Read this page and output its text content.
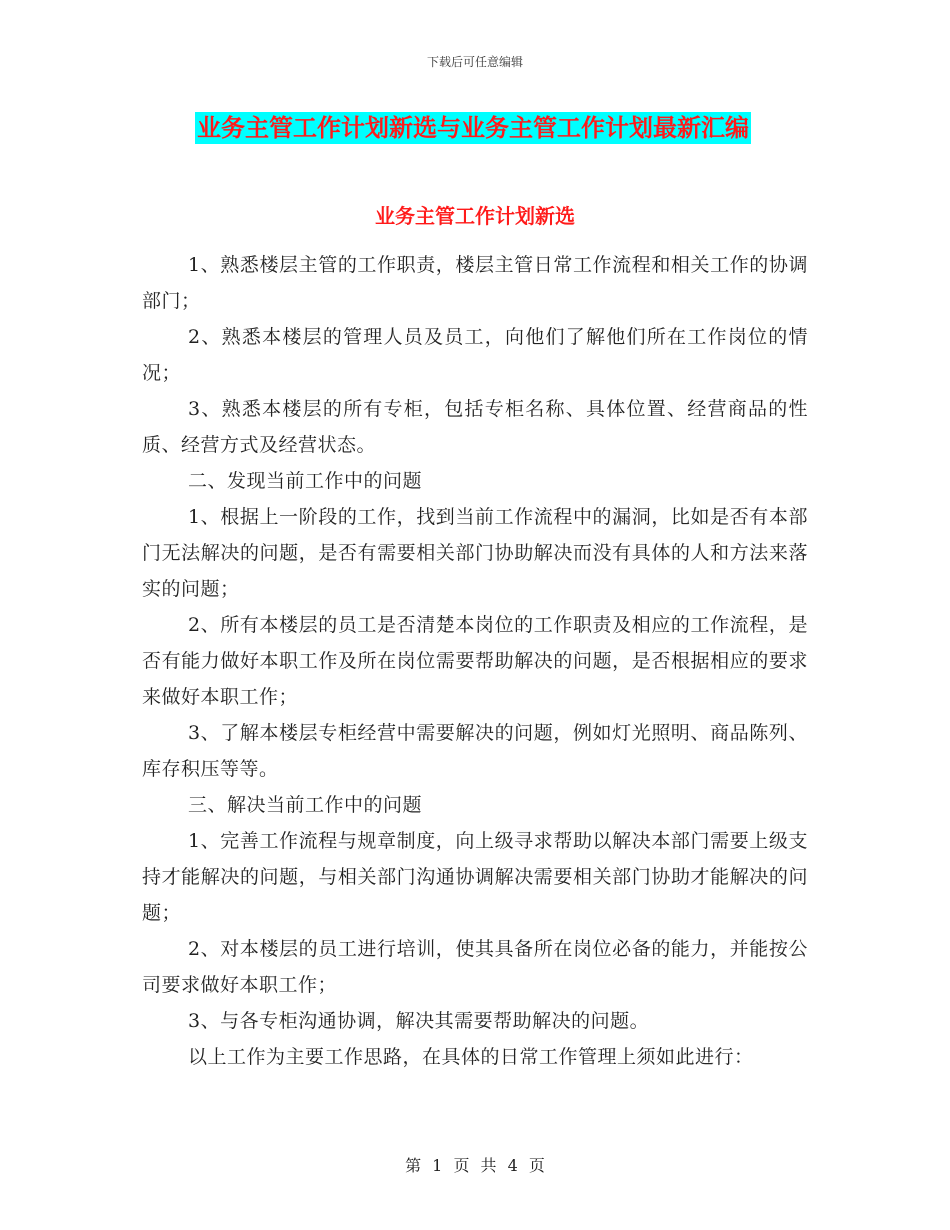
下载后可任意编辑
业务主管工作计划新选与业务主管工作计划最新汇编
业务主管工作计划新选

1、熟悉楼层主管的工作职责，楼层主管日常工作流程和相关工作的协调部门；

2、熟悉本楼层的管理人员及员工，向他们了解他们所在工作岗位的情况；

3、熟悉本楼层的所有专柜，包括专柜名称、具体位置、经营商品的性质、经营方式及经营状态。

二、发现当前工作中的问题

1、根据上一阶段的工作，找到当前工作流程中的漏洞，比如是否有本部门无法解决的问题，是否有需要相关部门协助解决而没有具体的人和方法来落实的问题；

2、所有本楼层的员工是否清楚本岗位的工作职责及相应的工作流程，是否有能力做好本职工作及所在岗位需要帮助解决的问题，是否根据相应的要求来做好本职工作；

3、了解本楼层专柜经营中需要解决的问题，例如灯光照明、商品陈列、库存积压等等。

三、解决当前工作中的问题

1、完善工作流程与规章制度，向上级寻求帮助以解决本部门需要上级支持才能解决的问题，与相关部门沟通协调解决需要相关部门协助才能解决的问题；

2、对本楼层的员工进行培训，使其具备所在岗位必备的能力，并能按公司要求做好本职工作；

3、与各专柜沟通协调，解决其需要帮助解决的问题。

以上工作为主要工作思路，在具体的日常工作管理上须如此进行：

第 1 页 共 4 页
